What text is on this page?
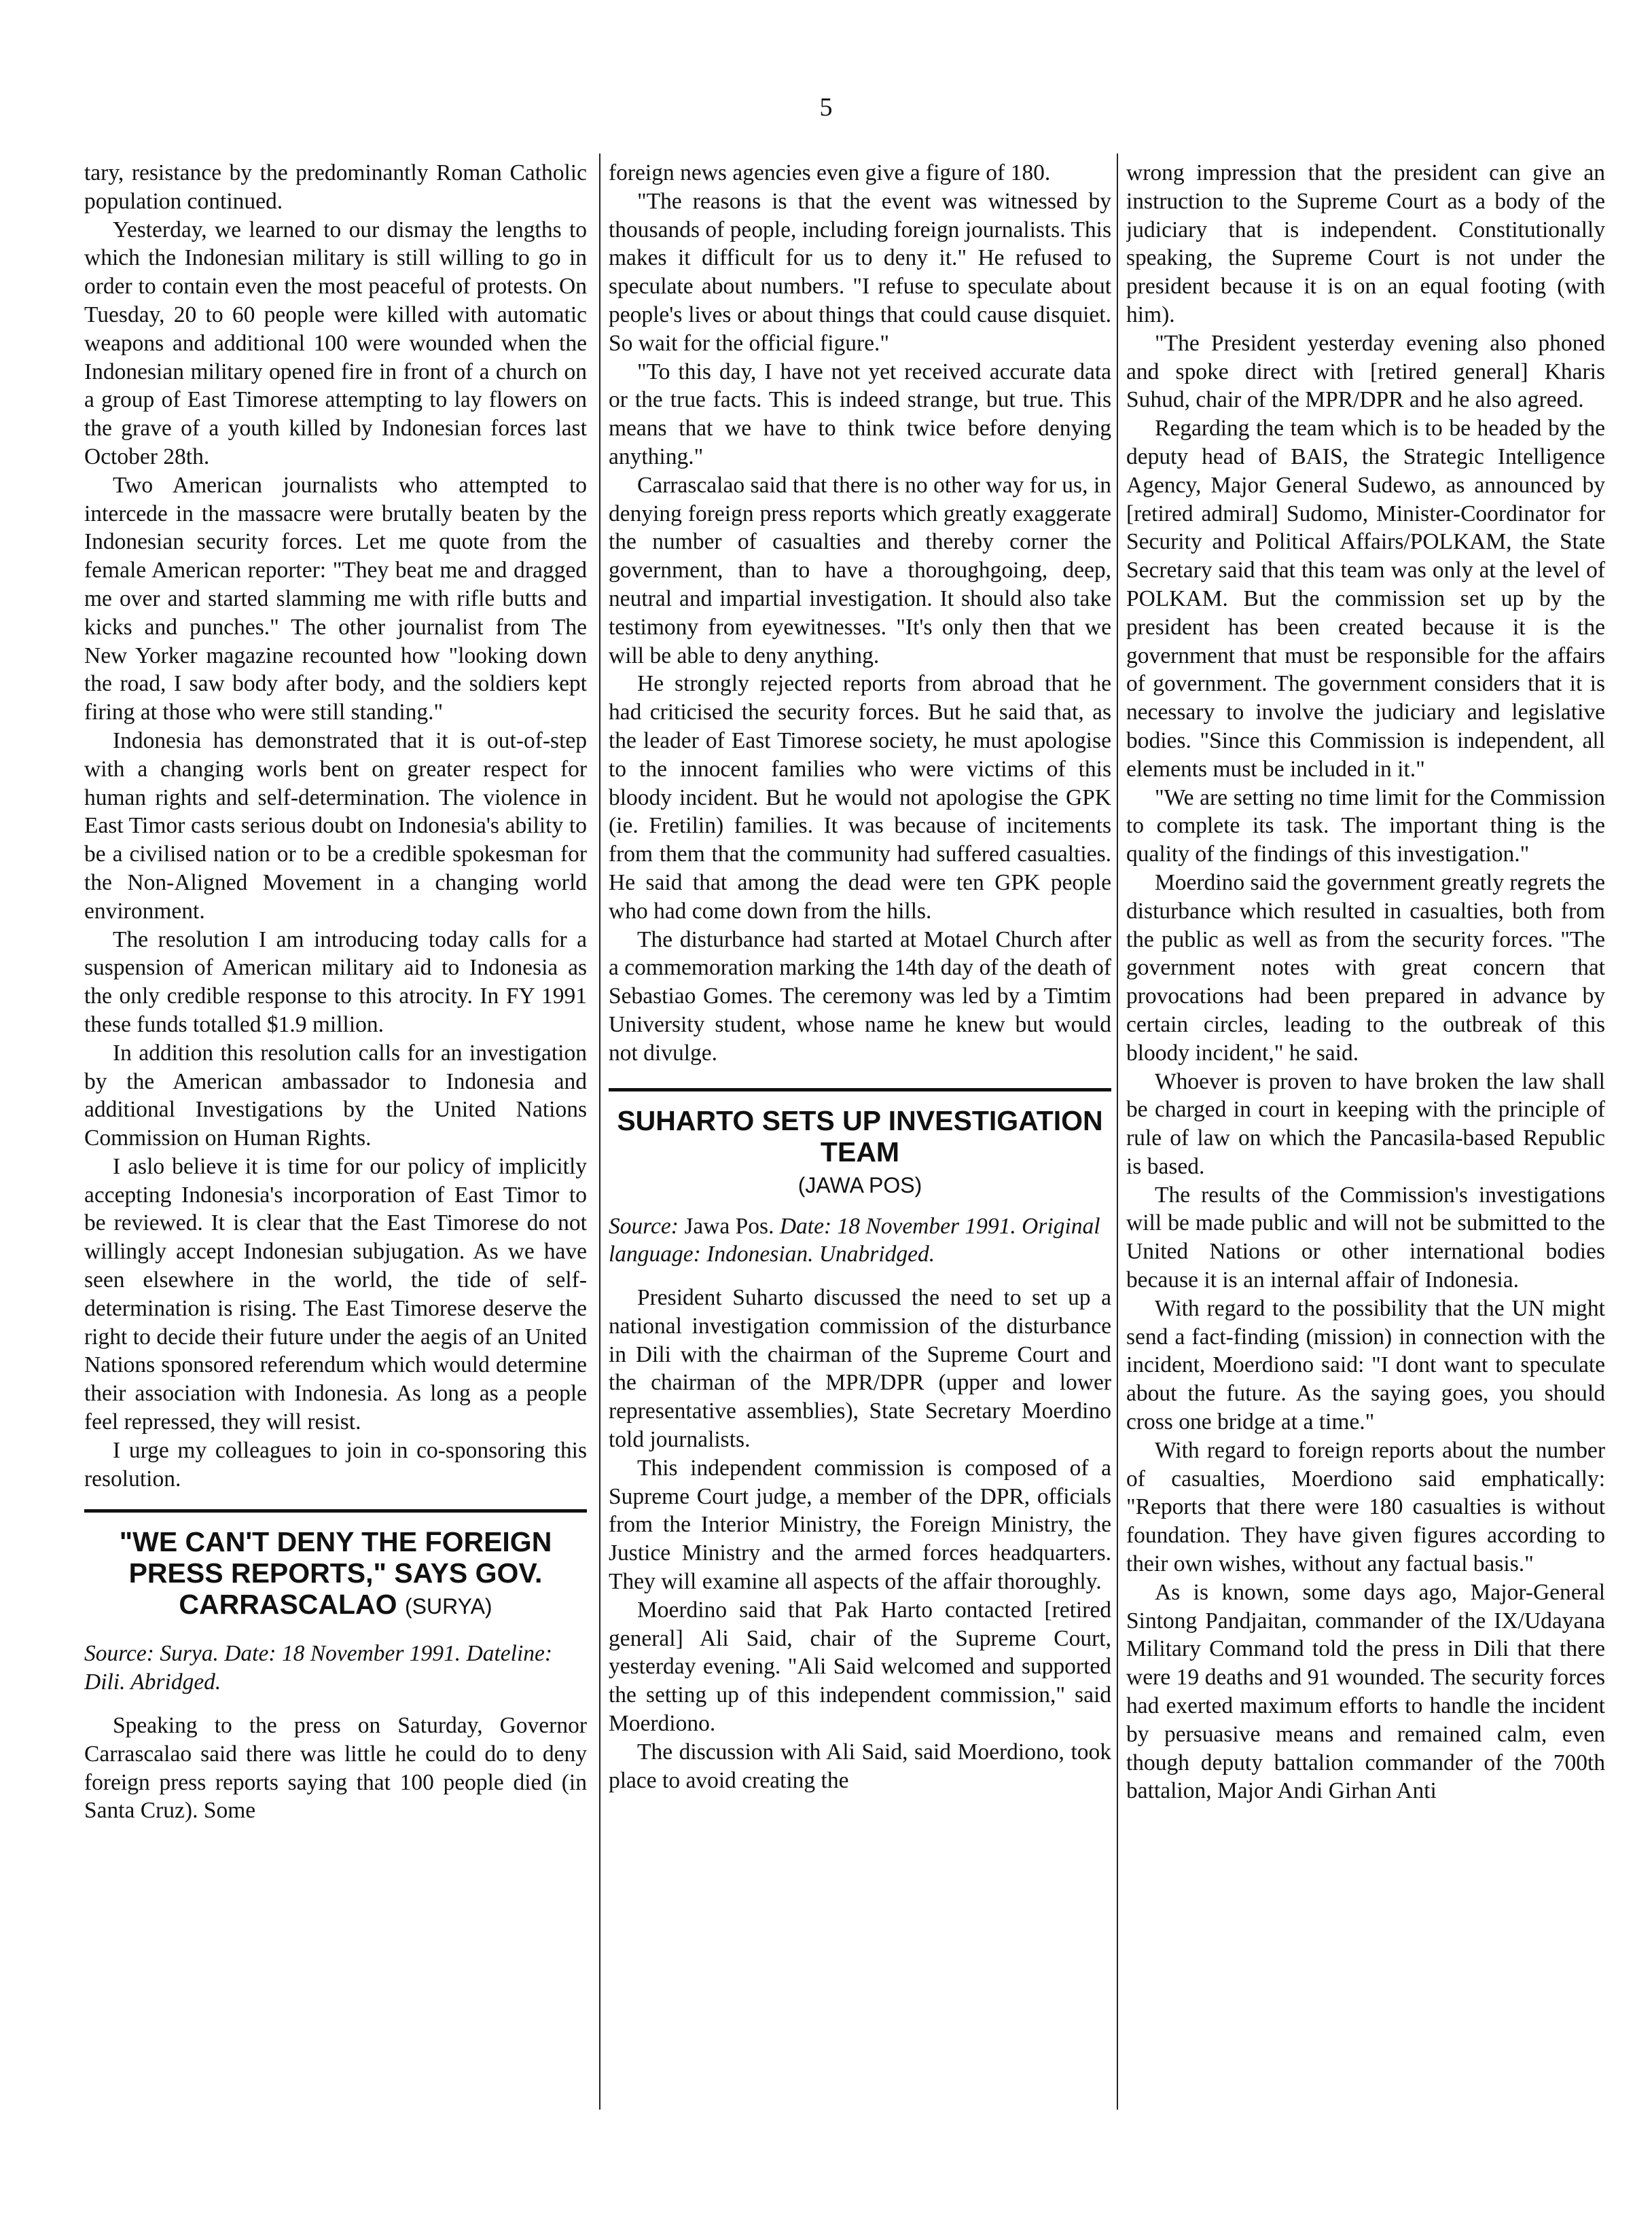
5

tary, resistance by the predominantly Roman Catholic population continued.

Yesterday, we learned to our dismay the lengths to which the Indonesian military is still willing to go in order to contain even the most peaceful of protests. On Tuesday, 20 to 60 people were killed with automatic weapons and additional 100 were wounded when the Indonesian military opened fire in front of a church on a group of East Timorese attempting to lay flowers on the grave of a youth killed by Indonesian forces last October 28th.

Two American journalists who attempted to intercede in the massacre were brutally beaten by the Indonesian security forces. Let me quote from the female American reporter: "They beat me and dragged me over and started slamming me with rifle butts and kicks and punches." The other journalist from The New Yorker magazine recounted how "looking down the road, I saw body after body, and the soldiers kept firing at those who were still standing."

Indonesia has demonstrated that it is out-of-step with a changing worls bent on greater respect for human rights and self-determination. The violence in East Timor casts serious doubt on Indonesia's ability to be a civilised nation or to be a credible spokesman for the Non-Aligned Movement in a changing world environment.

The resolution I am introducing today calls for a suspension of American military aid to Indonesia as the only credible response to this atrocity. In FY 1991 these funds totalled $1.9 million.

In addition this resolution calls for an investigation by the American ambassador to Indonesia and additional Investigations by the United Nations Commission on Human Rights.

I aslo believe it is time for our policy of implicitly accepting Indonesia's incorporation of East Timor to be reviewed. It is clear that the East Timorese do not willingly accept Indonesian subjugation. As we have seen elsewhere in the world, the tide of self-determination is rising. The East Timorese deserve the right to decide their future under the aegis of an United Nations sponsored referendum which would determine their association with Indonesia. As long as a people feel repressed, they will resist.

I urge my colleagues to join in co-sponsoring this resolution.

"WE CAN'T DENY THE FOREIGN PRESS REPORTS," SAYS GOV. CARRASCALAO (SURYA)

Source: Surya. Date: 18 November 1991. Dateline: Dili. Abridged.

Speaking to the press on Saturday, Governor Carrascalao said there was little he could do to deny foreign press reports saying that 100 people died (in Santa Cruz). Some

foreign news agencies even give a figure of 180.

"The reasons is that the event was witnessed by thousands of people, including foreign journalists. This makes it difficult for us to deny it." He refused to speculate about numbers. "I refuse to speculate about people's lives or about things that could cause disquiet. So wait for the official figure."

"To this day, I have not yet received accurate data or the true facts. This is indeed strange, but true. This means that we have to think twice before denying anything."

Carrascalao said that there is no other way for us, in denying foreign press reports which greatly exaggerate the number of casualties and thereby corner the government, than to have a thoroughgoing, deep, neutral and impartial investigation. It should also take testimony from eyewitnesses. "It's only then that we will be able to deny anything.

He strongly rejected reports from abroad that he had criticised the security forces. But he said that, as the leader of East Timorese society, he must apologise to the innocent families who were victims of this bloody incident. But he would not apologise the GPK (ie. Fretilin) families. It was because of incitements from them that the community had suffered casualties. He said that among the dead were ten GPK people who had come down from the hills.

The disturbance had started at Motael Church after a commemoration marking the 14th day of the death of Sebastiao Gomes. The ceremony was led by a Timtim University student, whose name he knew but would not divulge.

SUHARTO SETS UP INVESTIGATION TEAM
(JAWA POS)

Source: Jawa Pos. Date: 18 November 1991. Original language: Indonesian. Unabridged.

President Suharto discussed the need to set up a national investigation commission of the disturbance in Dili with the chairman of the Supreme Court and the chairman of the MPR/DPR (upper and lower representative assemblies), State Secretary Moerdino told journalists.

This independent commission is composed of a Supreme Court judge, a member of the DPR, officials from the Interior Ministry, the Foreign Ministry, the Justice Ministry and the armed forces headquarters. They will examine all aspects of the affair thoroughly.

Moerdino said that Pak Harto contacted [retired general] Ali Said, chair of the Supreme Court, yesterday evening. "Ali Said welcomed and supported the setting up of this independent commission," said Moerdiono.

The discussion with Ali Said, said Moerdiono, took place to avoid creating the

wrong impression that the president can give an instruction to the Supreme Court as a body of the judiciary that is independent. Constitutionally speaking, the Supreme Court is not under the president because it is on an equal footing (with him).

"The President yesterday evening also phoned and spoke direct with [retired general] Kharis Suhud, chair of the MPR/DPR and he also agreed.

Regarding the team which is to be headed by the deputy head of BAIS, the Strategic Intelligence Agency, Major General Sudewo, as announced by [retired admiral] Sudomo, Minister-Coordinator for Security and Political Affairs/POLKAM, the State Secretary said that this team was only at the level of POLKAM. But the commission set up by the president has been created because it is the government that must be responsible for the affairs of government. The government considers that it is necessary to involve the judiciary and legislative bodies. "Since this Commission is independent, all elements must be included in it."

"We are setting no time limit for the Commission to complete its task. The important thing is the quality of the findings of this investigation."

Moerdino said the government greatly regrets the disturbance which resulted in casualties, both from the public as well as from the security forces. "The government notes with great concern that provocations had been prepared in advance by certain circles, leading to the outbreak of this bloody incident," he said.

Whoever is proven to have broken the law shall be charged in court in keeping with the principle of rule of law on which the Pancasila-based Republic is based.

The results of the Commission's investigations will be made public and will not be submitted to the United Nations or other international bodies because it is an internal affair of Indonesia.

With regard to the possibility that the UN might send a fact-finding (mission) in connection with the incident, Moerdiono said: "I dont want to speculate about the future. As the saying goes, you should cross one bridge at a time."

With regard to foreign reports about the number of casualties, Moerdiono said emphatically: "Reports that there were 180 casualties is without foundation. They have given figures according to their own wishes, without any factual basis."

As is known, some days ago, Major-General Sintong Pandjaitan, commander of the IX/Udayana Military Command told the press in Dili that there were 19 deaths and 91 wounded. The security forces had exerted maximum efforts to handle the incident by persuasive means and remained calm, even though deputy battalion commander of the 700th battalion, Major Andi Girhan Anti
